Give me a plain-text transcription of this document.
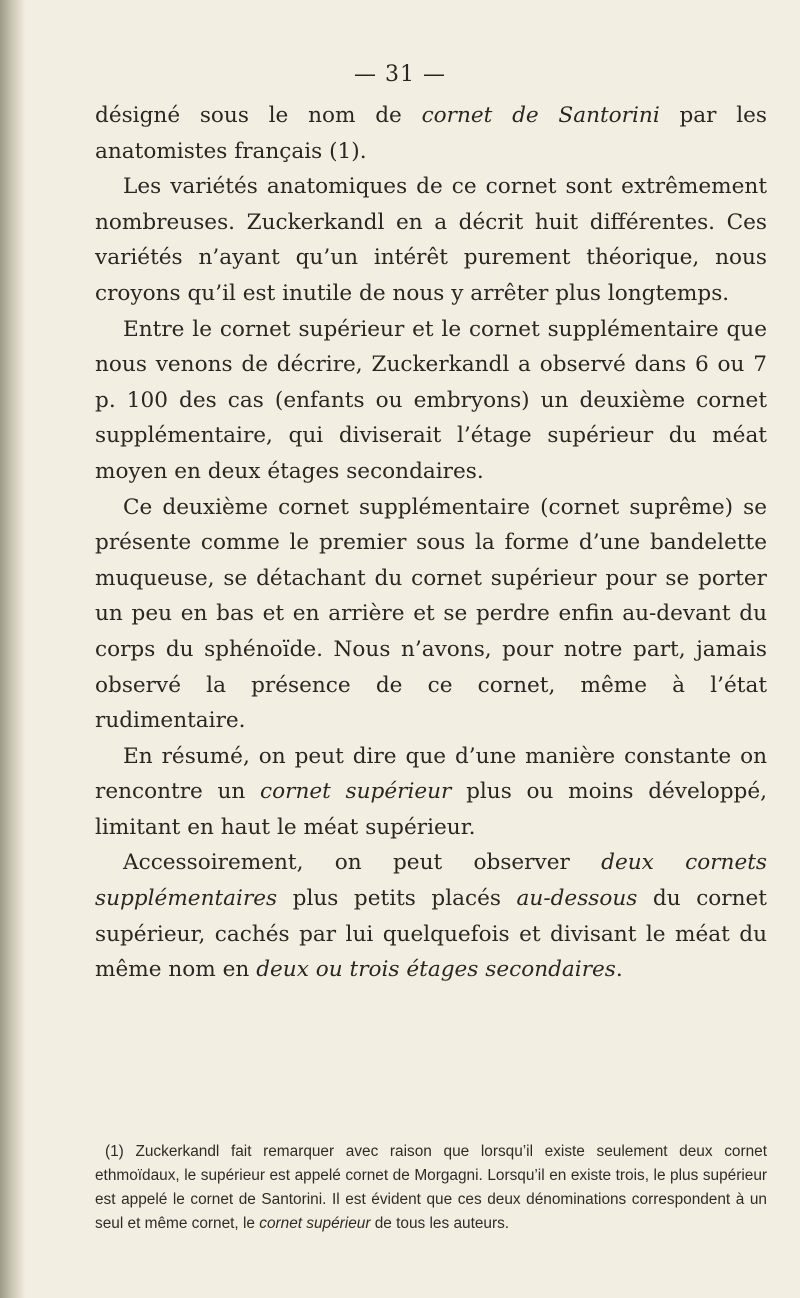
— 31 —

désigné sous le nom de cornet de Santorini par les anatomistes français (1).

Les variétés anatomiques de ce cornet sont extrêmement nombreuses. Zuckerkandl en a décrit huit différentes. Ces variétés n’ayant qu’un intérêt purement théorique, nous croyons qu’il est inutile de nous y arrêter plus longtemps.

Entre le cornet supérieur et le cornet supplémentaire que nous venons de décrire, Zuckerkandl a observé dans 6 ou 7 p. 100 des cas (enfants ou embryons) un deuxième cornet supplémentaire, qui diviserait l’étage supérieur du méat moyen en deux étages secondaires.

Ce deuxième cornet supplémentaire (cornet suprême) se présente comme le premier sous la forme d’une bandelette muqueuse, se détachant du cornet supérieur pour se porter un peu en bas et en arrière et se perdre enfin au-devant du corps du sphénoïde. Nous n’avons, pour notre part, jamais observé la présence de ce cornet, même à l’état rudimentaire.

En résumé, on peut dire que d’une manière constante on rencontre un cornet supérieur plus ou moins développé, limitant en haut le méat supérieur.

Accessoirement, on peut observer deux cornets supplémentaires plus petits placés au-dessous du cornet supérieur, cachés par lui quelquefois et divisant le méat du même nom en deux ou trois étages secondaires.

(1) Zuckerkandl fait remarquer avec raison que lorsqu’il existe seulement deux cornet ethmoïdaux, le supérieur est appelé cornet de Morgagni. Lorsqu’il en existe trois, le plus supérieur est appelé le cornet de Santorini. Il est évident que ces deux dénominations correspondent à un seul et même cornet, le cornet supérieur de tous les auteurs.
